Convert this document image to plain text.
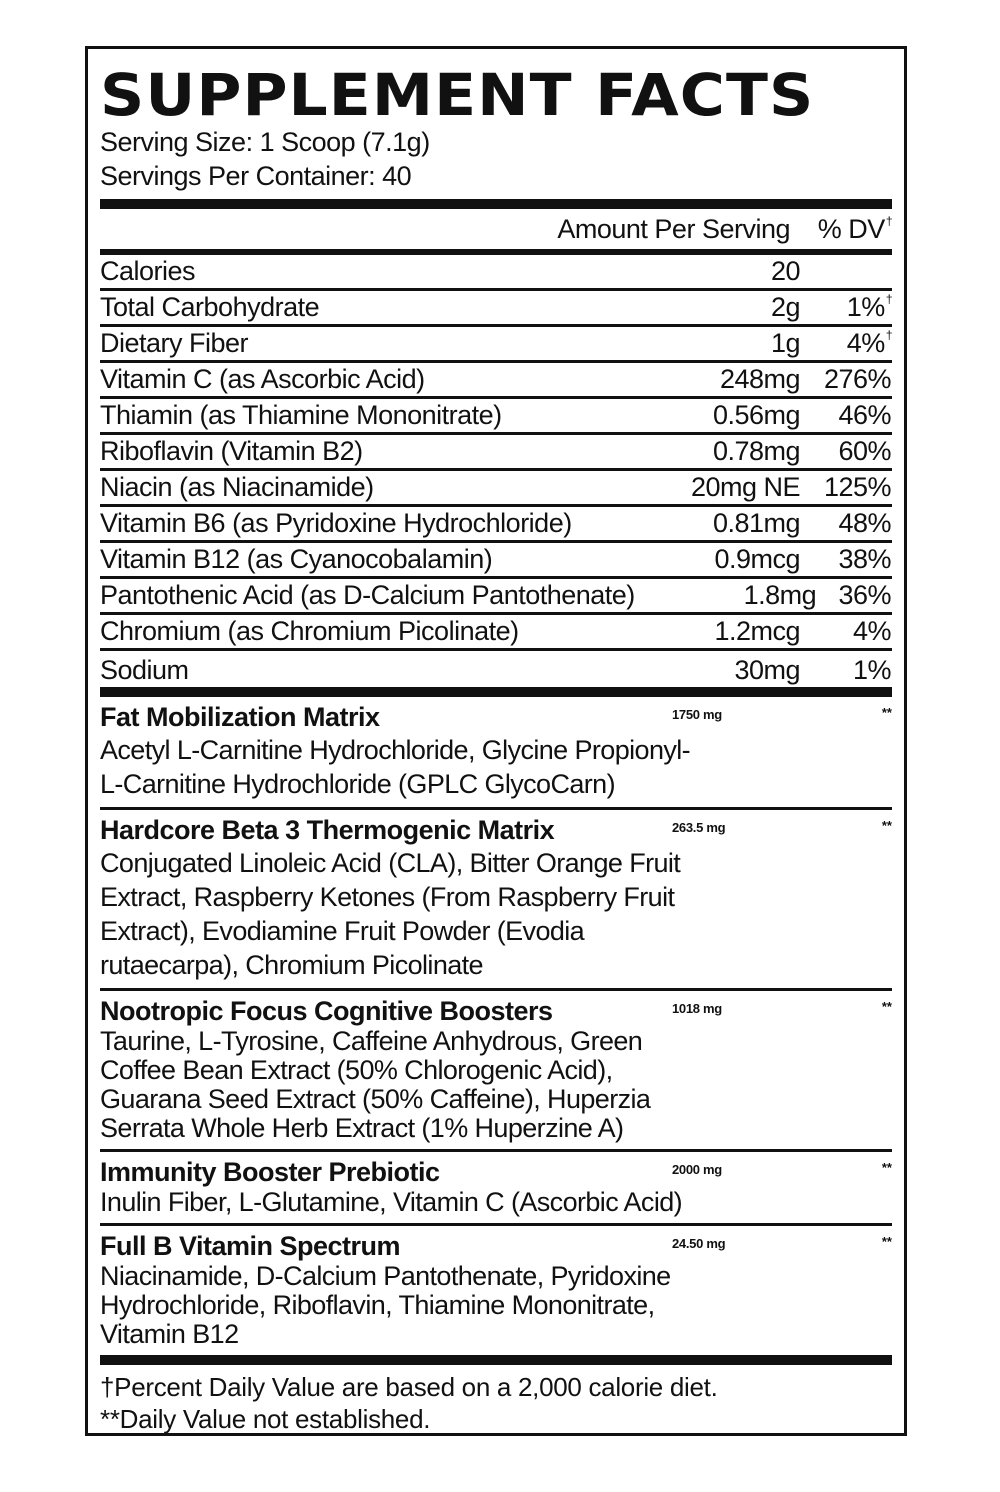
SUPPLEMENT FACTS
Serving Size: 1 Scoop (7.1g)
Servings Per Container: 40
Amount Per Serving	% DV†
Calories	20
Total Carbohydrate	2g	1%†
Dietary Fiber	1g	4%†
Vitamin C (as Ascorbic Acid)	248mg 276%
Thiamin (as Thiamine Mononitrate)	0.56mg	46%
Riboflavin (Vitamin B2)	0.78mg	60%
Niacin (as Niacinamide)	20mg NE 125%
Vitamin B6 (as Pyridoxine Hydrochloride)	0.81mg	48%
Vitamin B12 (as Cyanocobalamin)	0.9mcg	38%
Pantothenic Acid (as D-Calcium Pantothenate)	1.8mg 36%
Chromium (as Chromium Picolinate)	1.2mcg	4%
Sodium	30mg	1%
Fat Mobilization Matrix	1750 mg	**
Acetyl L-Carnitine Hydrochloride, Glycine Propionyl-L-Carnitine Hydrochloride (GPLC GlycoCarn)
Hardcore Beta 3 Thermogenic Matrix	263.5 mg	**
Conjugated Linoleic Acid (CLA), Bitter Orange Fruit Extract, Raspberry Ketones (From Raspberry Fruit Extract), Evodiamine Fruit Powder (Evodia rutaecarpa), Chromium Picolinate
Nootropic Focus Cognitive Boosters	1018 mg	**
Taurine, L-Tyrosine, Caffeine Anhydrous, Green Coffee Bean Extract (50% Chlorogenic Acid), Guarana Seed Extract (50% Caffeine), Huperzia Serrata Whole Herb Extract (1% Huperzine A)
Immunity Booster Prebiotic	2000 mg	**
Inulin Fiber, L-Glutamine, Vitamin C (Ascorbic Acid)
Full B Vitamin Spectrum	24.50 mg	**
Niacinamide, D-Calcium Pantothenate, Pyridoxine Hydrochloride, Riboflavin, Thiamine Mononitrate, Vitamin B12
†Percent Daily Value are based on a 2,000 calorie diet.
**Daily Value not established.
